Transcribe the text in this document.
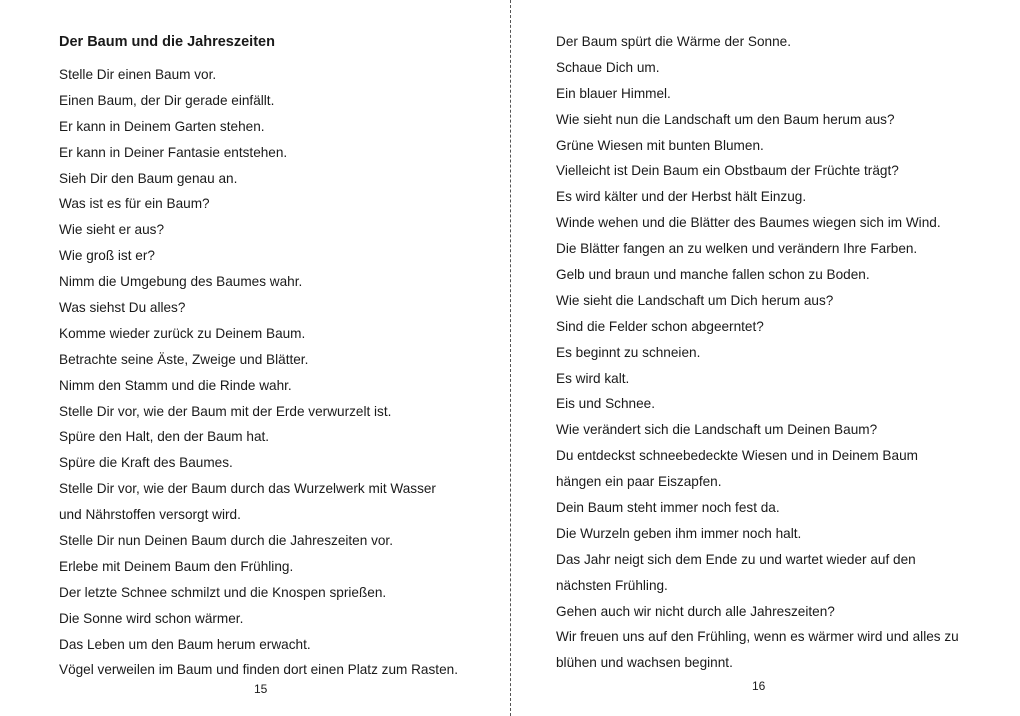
Der Baum und die Jahreszeiten
Stelle Dir einen Baum vor.
Einen Baum, der Dir gerade einfällt.
Er kann in Deinem Garten stehen.
Er kann in Deiner Fantasie entstehen.
Sieh Dir den Baum genau an.
Was ist es für ein Baum?
Wie sieht er aus?
Wie groß ist er?
Nimm die Umgebung des Baumes wahr.
Was siehst Du alles?
Komme wieder zurück zu Deinem Baum.
Betrachte seine Äste, Zweige und Blätter.
Nimm den Stamm und die Rinde wahr.
Stelle Dir vor, wie der Baum mit der Erde verwurzelt ist.
Spüre den Halt, den der Baum hat.
Spüre die Kraft des Baumes.
Stelle Dir vor, wie der Baum durch das Wurzelwerk mit Wasser
und Nährstoffen versorgt wird.
Stelle Dir nun Deinen Baum durch die Jahreszeiten vor.
Erlebe mit Deinem Baum den Frühling.
Der letzte Schnee schmilzt und die Knospen sprießen.
Die Sonne wird schon wärmer.
Das Leben um den Baum herum erwacht.
Vögel verweilen im Baum und finden dort einen Platz zum Rasten.
15
Der Baum spürt die Wärme der Sonne.
Schaue Dich um.
Ein blauer Himmel.
Wie sieht nun die Landschaft um den Baum herum aus?
Grüne Wiesen mit bunten Blumen.
Vielleicht ist Dein Baum ein Obstbaum der Früchte trägt?
Es wird kälter und der Herbst hält Einzug.
Winde wehen und die Blätter des Baumes wiegen sich im Wind.
Die Blätter fangen an zu welken und verändern Ihre Farben.
Gelb und braun und manche fallen schon zu Boden.
Wie sieht die Landschaft um Dich herum aus?
Sind die Felder schon abgeerntet?
Es beginnt zu schneien.
Es wird kalt.
Eis und Schnee.
Wie verändert sich die Landschaft um Deinen Baum?
Du entdeckst schneebedeckte Wiesen und in Deinem Baum
hängen ein paar Eiszapfen.
Dein Baum steht immer noch fest da.
Die Wurzeln geben ihm immer noch halt.
Das Jahr neigt sich dem Ende zu und wartet wieder auf den
nächsten Frühling.
Gehen auch wir nicht durch alle Jahreszeiten?
Wir freuen uns auf den Frühling, wenn es wärmer wird und alles zu
blühen und wachsen beginnt.
16
